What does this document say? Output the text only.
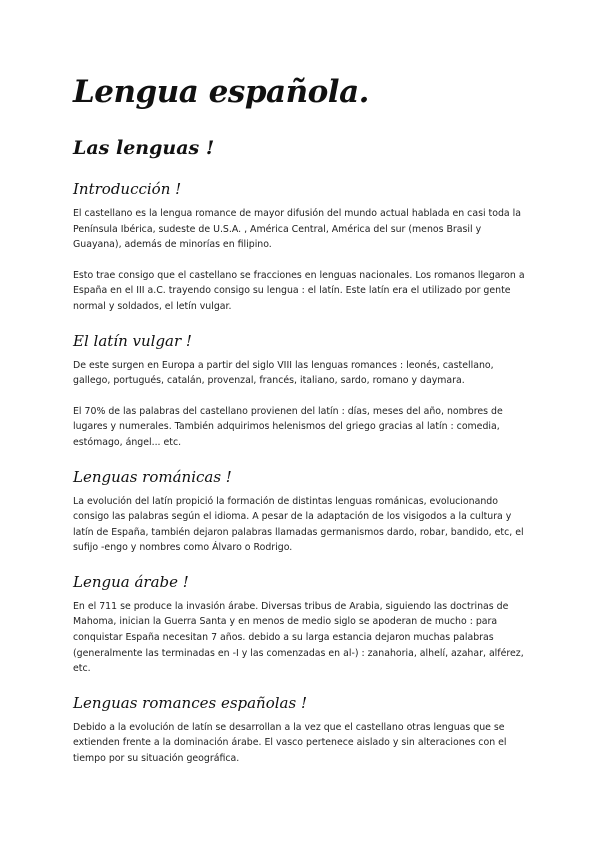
Lengua española.
Las lenguas !
Introducción !

El castellano es la lengua romance de mayor difusión del mundo actual hablada en casi toda la Península Ibérica, sudeste de U.S.A. , América Central, América del sur (menos Brasil y Guayana), además de minorías en filipino.

Esto trae consigo que el castellano se fracciones en lenguas nacionales. Los romanos llegaron a España en el III a.C. trayendo consigo su lengua : el latín. Este latín era el utilizado por gente normal y soldados, el letín vulgar.

El latín vulgar !

De este surgen en Europa a partir del siglo VIII las lenguas romances : leonés, castellano, gallego, portugués, catalán, provenzal, francés, italiano, sardo, romano y daymara.

El 70% de las palabras del castellano provienen del latín : días, meses del año, nombres de lugares y numerales. También adquirimos helenismos del griego gracias al latín : comedia, estómago, ángel... etc.

Lenguas románicas !

La evolución del latín propició la formación de distintas lenguas románicas, evolucionando consigo las palabras según el idioma. A pesar de la adaptación de los visigodos a la cultura y latín de España, también dejaron palabras llamadas germanismos dardo, robar, bandido, etc, el sufijo -engo y nombres como Álvaro o Rodrigo.

Lengua árabe !

En el 711 se produce la invasión árabe. Diversas tribus de Arabia, siguiendo las doctrinas de Mahoma, inician la Guerra Santa y en menos de medio siglo se apoderan de mucho : para conquistar España necesitan 7 años. debido a su larga estancia dejaron muchas palabras (generalmente las terminadas en -I y las comenzadas en al-) : zanahoria, alhelí, azahar, alférez, etc.

Lenguas romances españolas !

Debido a la evolución de latín se desarrollan a la vez que el castellano otras lenguas que se extienden frente a la dominación árabe. El vasco pertenece aislado y sin alteraciones con el tiempo por su situación geográfica.
